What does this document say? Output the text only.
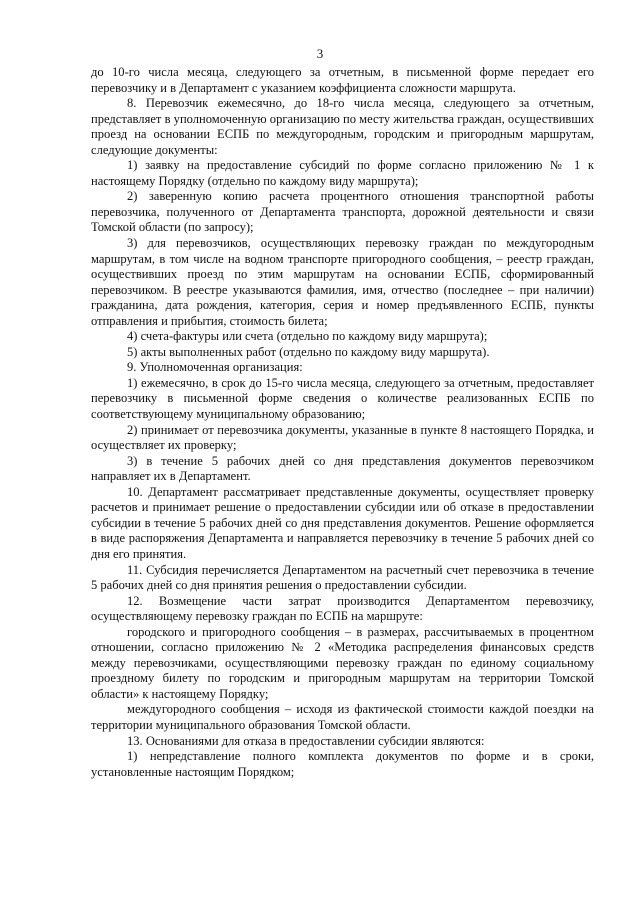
3

до 10-го числа месяца, следующего за отчетным, в письменной форме передает его перевозчику и в Департамент с указанием коэффициента сложности маршрута.

8. Перевозчик ежемесячно, до 18-го числа месяца, следующего за отчетным, представляет в уполномоченную организацию по месту жительства граждан, осуществивших проезд на основании ЕСПБ по междугородным, городским и пригородным маршрутам, следующие документы:

1) заявку на предоставление субсидий по форме согласно приложению № 1 к настоящему Порядку (отдельно по каждому виду маршрута);

2) заверенную копию расчета процентного отношения транспортной работы перевозчика, полученного от Департамента транспорта, дорожной деятельности и связи Томской области (по запросу);

3) для перевозчиков, осуществляющих перевозку граждан по междугородным маршрутам, в том числе на водном транспорте пригородного сообщения, – реестр граждан, осуществивших проезд по этим маршрутам на основании ЕСПБ, сформированный перевозчиком. В реестре указываются фамилия, имя, отчество (последнее – при наличии) гражданина, дата рождения, категория, серия и номер предъявленного ЕСПБ, пункты отправления и прибытия, стоимость билета;

4) счета-фактуры или счета (отдельно по каждому виду маршрута);

5) акты выполненных работ (отдельно по каждому виду маршрута).

9. Уполномоченная организация:

1) ежемесячно, в срок до 15-го числа месяца, следующего за отчетным, предоставляет перевозчику в письменной форме сведения о количестве реализованных ЕСПБ по соответствующему муниципальному образованию;

2) принимает от перевозчика документы, указанные в пункте 8 настоящего Порядка, и осуществляет их проверку;

3) в течение 5 рабочих дней со дня представления документов перевозчиком направляет их в Департамент.

10. Департамент рассматривает представленные документы, осуществляет проверку расчетов и принимает решение о предоставлении субсидии или об отказе в предоставлении субсидии в течение 5 рабочих дней со дня представления документов. Решение оформляется в виде распоряжения Департамента и направляется перевозчику в течение 5 рабочих дней со дня его принятия.

11. Субсидия перечисляется Департаментом на расчетный счет перевозчика в течение 5 рабочих дней со дня принятия решения о предоставлении субсидии.

12. Возмещение части затрат производится Департаментом перевозчику, осуществляющему перевозку граждан по ЕСПБ на маршруте:

городского и пригородного сообщения – в размерах, рассчитываемых в процентном отношении, согласно приложению № 2 «Методика распределения финансовых средств между перевозчиками, осуществляющими перевозку граждан по единому социальному проездному билету по городским и пригородным маршрутам на территории Томской области» к настоящему Порядку;

междугородного сообщения – исходя из фактической стоимости каждой поездки на территории муниципального образования Томской области.

13. Основаниями для отказа в предоставлении субсидии являются:

1) непредставление полного комплекта документов по форме и в сроки, установленные настоящим Порядком;
